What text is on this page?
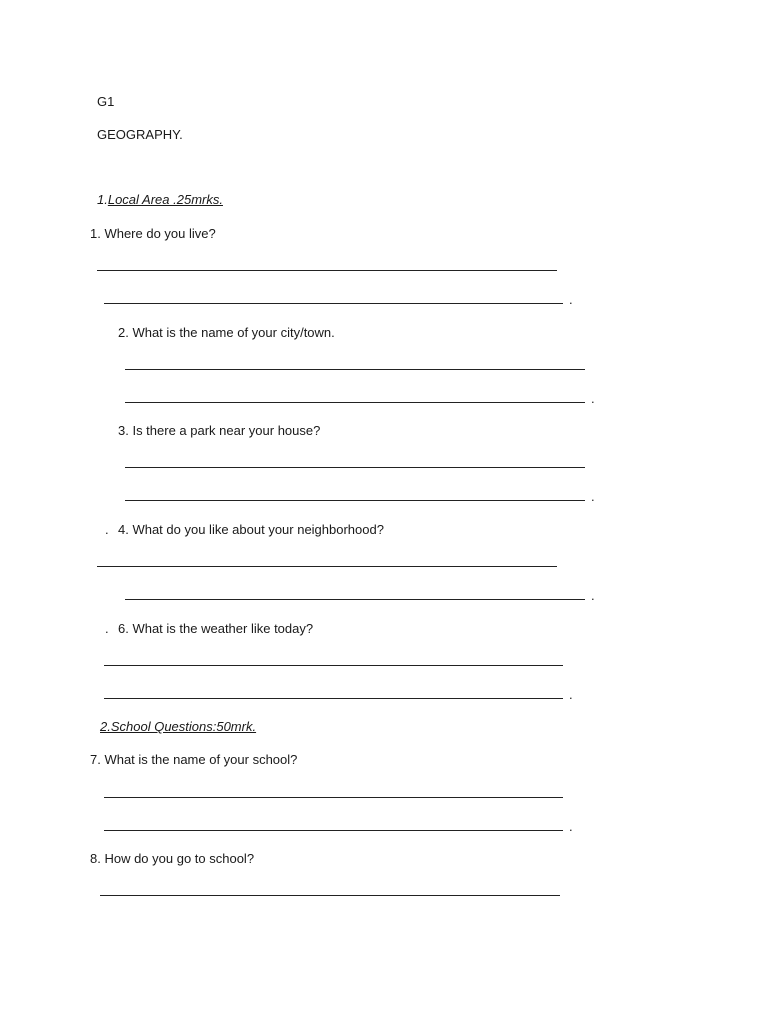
G1
GEOGRAPHY.
1.Local Area .25mrks.
1. Where do you live?
.
2. What is the name of your city/town.
.
3. Is there a park near your house?
.
. 4. What do you like about your neighborhood?
.
. 6. What is the weather like today?
.
2.School Questions:50mrk.
7. What is the name of your school?
.
8. How do you go to school?
